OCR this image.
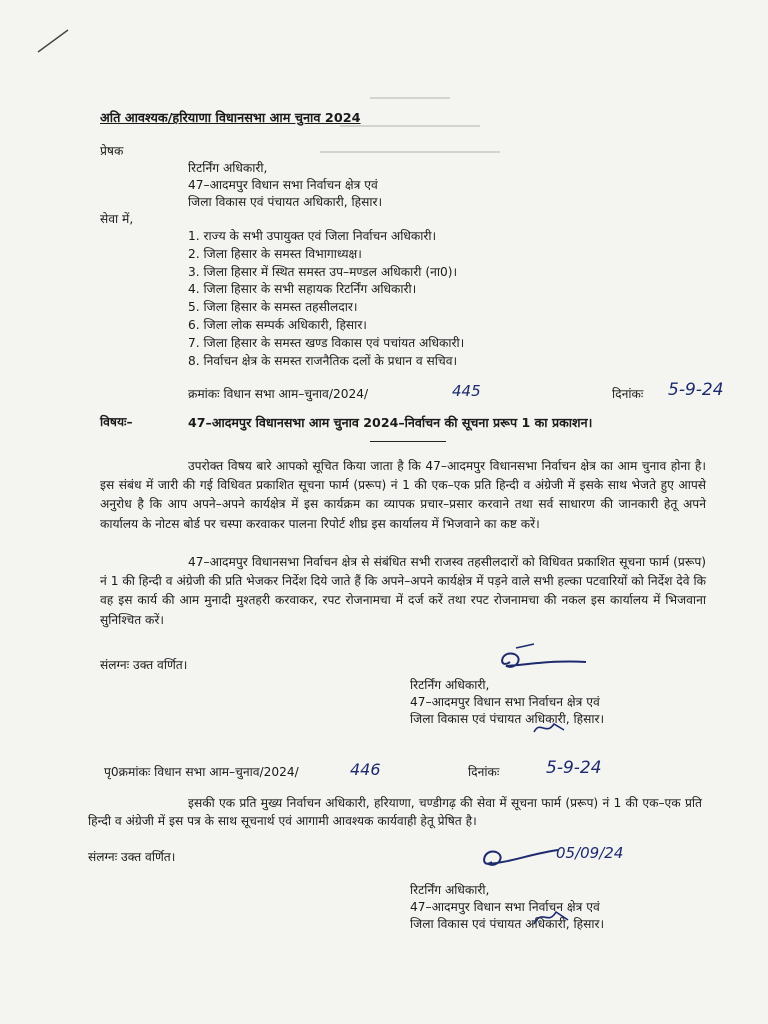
अति आवश्यक/हरियाणा विधानसभा आम चुनाव 2024
प्रेषक
रिटर्निंग अधिकारी,
47–आदमपुर विधान सभा निर्वाचन क्षेत्र एवं
जिला विकास एवं पंचायत अधिकारी, हिसार।
सेवा में,
1. राज्य के सभी उपायुक्त एवं जिला निर्वाचन अधिकारी।
2. जिला हिसार के समस्त विभागाध्यक्ष।
3. जिला हिसार में स्थित समस्त उप–मण्डल अधिकारी (ना0)।
4. जिला हिसार के सभी सहायक रिटर्निंग अधिकारी।
5. जिला हिसार के समस्त तहसीलदार।
6. जिला लोक सम्पर्क अधिकारी, हिसार।
7. जिला हिसार के समस्त खण्ड विकास एवं पचांयत अधिकारी।
8. निर्वाचन क्षेत्र के समस्त राजनैतिक दलों के प्रधान व सचिव।
क्रमांकः विधान सभा आम–चुनाव/2024/	445	दिनांकः 5-9-24
विषयः–	47–आदमपुर विधानसभा आम चुनाव 2024–निर्वाचन की सूचना प्ररूप 1 का प्रकाशन।
उपरोक्त विषय बारे आपको सूचित किया जाता है कि 47–आदमपुर विधानसभा निर्वाचन क्षेत्र का आम चुनाव होना है। इस संबंध में जारी की गई विधिवत प्रकाशित सूचना फार्म (प्ररूप) नं 1 की एक–एक प्रति हिन्दी व अंग्रेजी में इसके साथ भेजते हुए आपसे अनुरोध है कि आप अपने–अपने कार्यक्षेत्र में इस कार्यक्रम का व्यापक प्रचार–प्रसार करवाने तथा सर्व साधारण की जानकारी हेतू अपने कार्यालय के नोटस बोर्ड पर चस्पा करवाकर पालना रिपोर्ट शीघ्र इस कार्यालय में भिजवाने का कष्ट करें।
47–आदमपुर विधानसभा निर्वाचन क्षेत्र से संबंधित सभी राजस्व तहसीलदारों को विधिवत प्रकाशित सूचना फार्म (प्ररूप) नं 1 की हिन्दी व अंग्रेजी की प्रति भेजकर निर्देश दिये जाते हैं कि अपने–अपने कार्यक्षेत्र में पड़ने वाले सभी हल्का पटवारियों को निर्देश देवे कि वह इस कार्य की आम मुनादी मुश्तहरी करवाकर, रपट रोजनामचा में दर्ज करें तथा रपट रोजनामचा की नकल इस कार्यालय में भिजवाना सुनिश्चित करें।
संलग्नः उक्त वर्णित।
रिटर्निंग अधिकारी,
47–आदमपुर विधान सभा निर्वाचन क्षेत्र एवं
जिला विकास एवं पंचायत अधिकारी, हिसार।
पृ0क्रमांकः विधान सभा आम–चुनाव/2024/	446	दिनांकः	5-9-24
इसकी एक प्रति मुख्य निर्वाचन अधिकारी, हरियाणा, चण्डीगढ़ की सेवा में सूचना फार्म (प्ररूप) नं 1 की एक–एक प्रति हिन्दी व अंग्रेजी में इस पत्र के साथ सूचनार्थ एवं आगामी आवश्यक कार्यवाही हेतू प्रेषित है।
संलग्नः उक्त वर्णित।	05/09/24
रिटर्निंग अधिकारी,
47–आदमपुर विधान सभा निर्वाचन क्षेत्र एवं
जिला विकास एवं पंचायत अधिकारी, हिसार।
